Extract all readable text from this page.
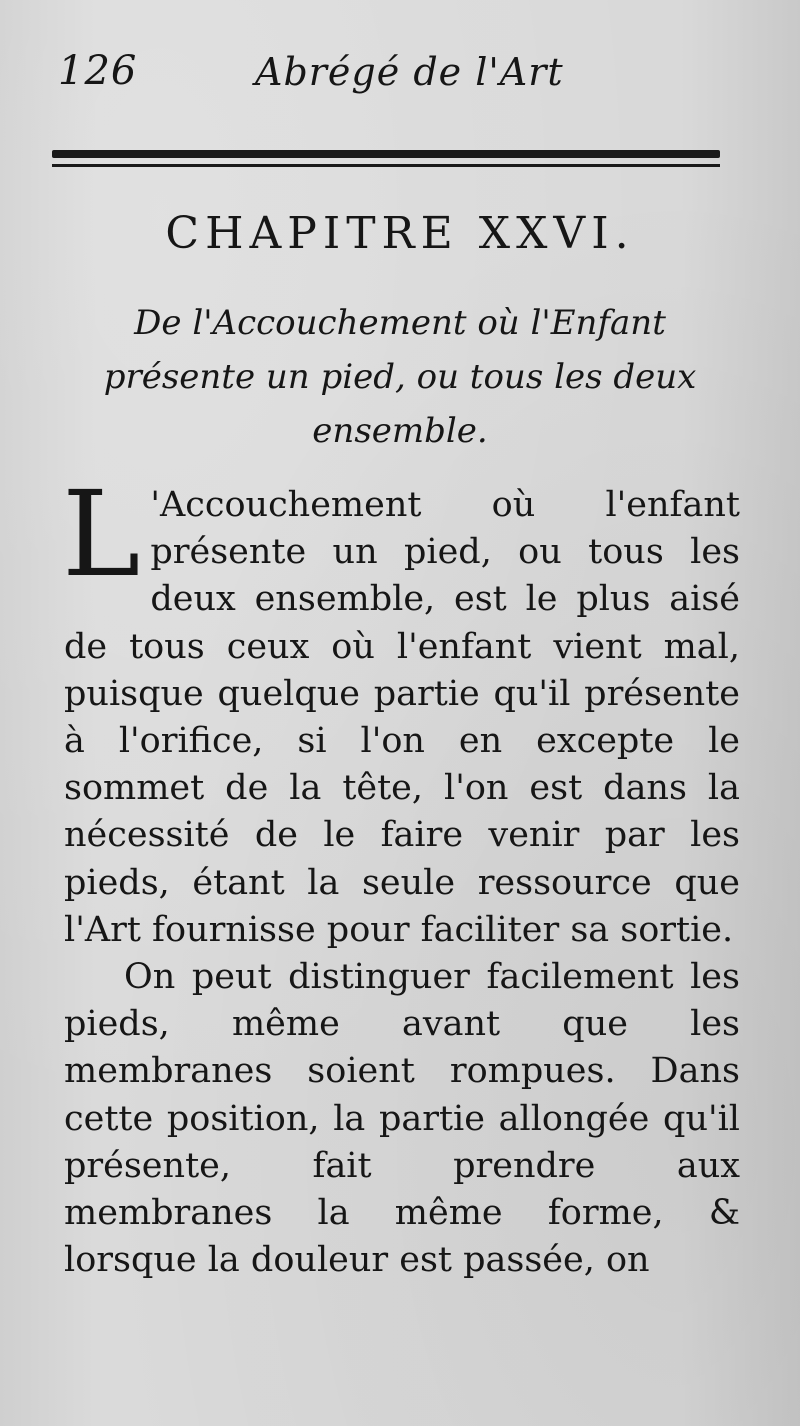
126	Abrégé de l'Art
CHAPITRE XXVI.
De l'Accouchement où l'Enfant présente un pied, ou tous les deux ensemble.

L 'Accouchement où l'enfant présente un pied, ou tous les deux ensemble, est le plus aisé de tous ceux où l'enfant vient mal, puisque quelque partie qu'il présente à l'orifice, si l'on en excepte le sommet de la tête, l'on est dans la nécessité de le faire venir par les pieds, étant la seule ressource que l'Art fournisse pour faciliter sa sortie.

On peut distinguer facilement les pieds, même avant que les membranes soient rompues. Dans cette position, la partie allongée qu'il présente, fait prendre aux membranes la même forme, & lorsque la douleur est passée, on
